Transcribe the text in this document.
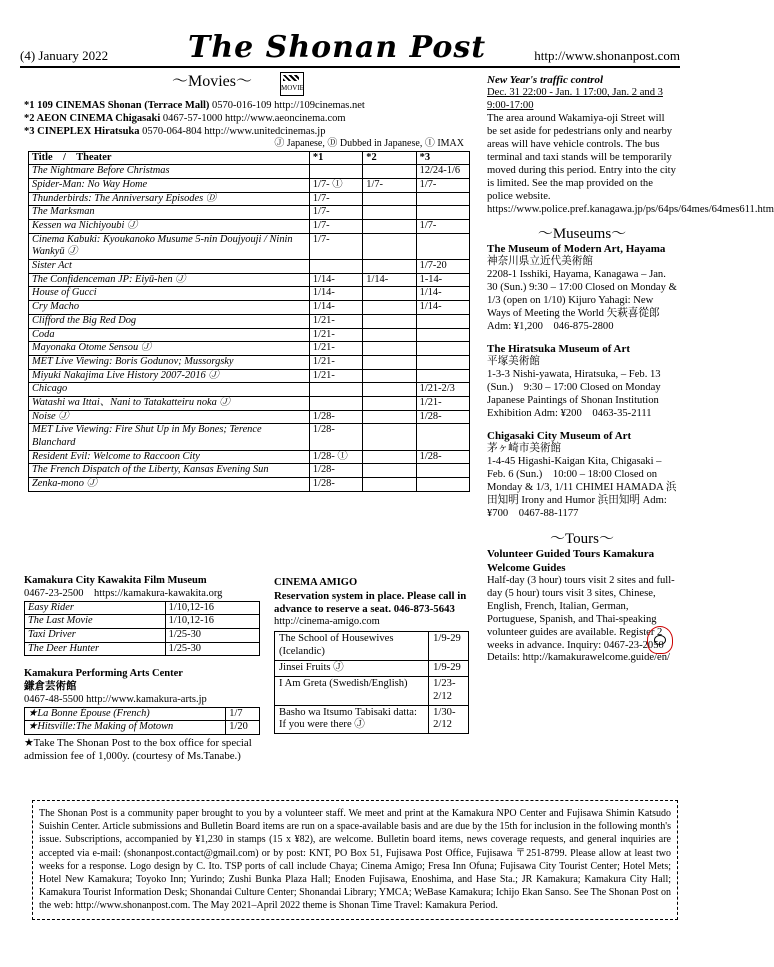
(4) January 2022	The Shonan Post	http://www.shonanpost.com
〜Movies〜	MOVIE
*1 109 CINEMAS Shonan (Terrace Mall) 0570-016-109 http://109cinemas.net
*2 AEON CINEMA Chigasaki 0467-57-1000 http://www.aeoncinema.com
*3 CINEPLEX Hiratsuka 0570-064-804 http://www.unitedcinemas.jp
Ⓙ Japanese, Ⓓ Dubbed in Japanese, Ⓘ IMAX
Title　/　Theater	*1	*2	*3
The Nightmare Before Christmas			12/24-1/6
Spider-Man: No Way Home	1/7- Ⓘ	1/7-	1/7-
Thunderbirds: The Anniversary Episodes Ⓓ	1/7-		
The Marksman	1/7-		
Kessen wa Nichiyoubi Ⓙ	1/7-		1/7-
Cinema Kabuki: Kyoukanoko Musume 5-nin Doujyouji / Ninin Wankyū Ⓙ	1/7-		
Sister Act			1/7-20
The Confidenceman JP: Eiyū-hen Ⓙ	1/14-	1/14-	1-14-
House of Gucci	1/14-		1/14-
Cry Macho	1/14-		1/14-
Clifford the Big Red Dog	1/21-		
Coda	1/21-		
Mayonaka Otome Sensou Ⓙ	1/21-		
MET Live Viewing: Boris Godunov; Mussorgsky	1/21-		
Miyuki Nakajima Live History 2007-2016 Ⓙ	1/21-		
Chicago			1/21-2/3
Watashi wa Ittai、Nani to Tatakatteiru noka Ⓙ			1/21-
Noise Ⓙ	1/28-		1/28-
MET Live Viewing: Fire Shut Up in My Bones; Terence Blanchard	1/28-		
Resident Evil: Welcome to Raccoon City	1/28- Ⓘ		1/28-
The French Dispatch of the Liberty, Kansas Evening Sun	1/28-		
Zenka-mono Ⓙ	1/28-		
Kamakura City Kawakita Film Museum
0467-23-2500　https://kamakura-kawakita.org
Easy Rider	1/10,12-16
The Last Movie	1/10,12-16
Taxi Driver	1/25-30
The Deer Hunter	1/25-30
Kamakura Performing Arts Center
鎌倉芸術館
0467-48-5500 http://www.kamakura-arts.jp
★La Bonne Épouse (French)	1/7
★Hitsville:The Making of Motown	1/20
★Take The Shonan Post to the box office for special admission fee of 1,000y. (courtesy of Ms.Tanabe.)
CINEMA AMIGO
Reservation system in place. Please call in advance to reserve a seat. 046-873-5643
http://cinema-amigo.com
The School of Housewives (Icelandic)	1/9-29
Jinsei Fruits Ⓙ	1/9-29
I Am Greta (Swedish/English)	1/23-2/12
Basho wa Itsumo Tabisaki datta: If you were there Ⓙ	1/30-2/12
New Year's traffic control
Dec. 31 22:00 - Jan. 1 17:00, Jan. 2 and 3 9:00-17:00

The area around Wakamiya-oji Street will be set aside for pedestrians only and nearby areas will have vehicle controls. The bus terminal and taxi stands will be temporarily moved during this period. Entry into the city is limited. See the map provided on the police website. https://www.police.pref.kanagawa.jp/ps/64ps/64mes/64mes611.htm

〜Museums〜
The Museum of Modern Art, Hayama
神奈川県立近代美術館

2208-1 Isshiki, Hayama, Kanagawa – Jan. 30 (Sun.) 9:30 – 17:00 Closed on Monday & 1/3 (open on 1/10) Kijuro Yahagi: New Ways of Meeting the World 矢萩喜從郎 Adm: ¥1,200　046-875-2800

The Hiratsuka Museum of Art
平塚美術館

1-3-3 Nishi-yawata, Hiratsuka, – Feb. 13 (Sun.)　9:30 – 17:00 Closed on Monday Japanese Paintings of Shonan Institution Exhibition Adm: ¥200　0463-35-2111

Chigasaki City Museum of Art
茅ヶ崎市美術館

1-4-45 Higashi-Kaigan Kita, Chigasaki – Feb. 6 (Sun.)　10:00 – 18:00 Closed on Monday & 1/3, 1/11 CHIMEI HAMADA 浜田知明 Irony and Humor 浜田知明 Adm: ¥700　0467-88-1177

〜Tours〜
Volunteer Guided Tours Kamakura Welcome Guides

Half-day (3 hour) tours visit 2 sites and full-day (5 hour) tours visit 3 sites, Chinese, English, French, Italian, German, Portuguese, Spanish, and Thai-speaking volunteer guides are available. Register 2 weeks in advance. Inquiry: 0467-23-2050 Details: http://kamakurawelcome.guide/en/

The Shonan Post is a community paper brought to you by a volunteer staff. We meet and print at the Kamakura NPO Center and Fujisawa Shimin Katsudo Suishin Center. Article submissions and Bulletin Board items are run on a space-available basis and are due by the 15th for inclusion in the following month's issue. Subscriptions, accompanied by ¥1,230 in stamps (15 x ¥82), are welcome. Bulletin board items, news coverage requests, and general inquiries are accepted via e-mail: (shonanpost.contact@gmail.com) or by post: KNT, PO Box 51, Fujisawa Post Office, Fujisawa 〒251-8799. Please allow at least two weeks for a response. Logo design by C. Ito. TSP ports of call include Chaya; Cinema Amigo; Fresa Inn Ofuna; Fujisawa City Tourist Center; Hotel Mets; Hotel New Kamakura; Toyoko Inn; Yurindo; Zushi Bunka Plaza Hall; Enoden Fujisawa, Enoshima, and Hase Sta.; JR Kamakura; Kamakura City Hall; Kamakura Tourist Information Desk; Shonandai Culture Center; Shonandai Library; YMCA; WeBase Kamakura; Ichijo Ekan Sanso. See The Shonan Post on the web: http://www.shonanpost.com. The May 2021–April 2022 theme is Shonan Time Travel: Kamakura Period.
